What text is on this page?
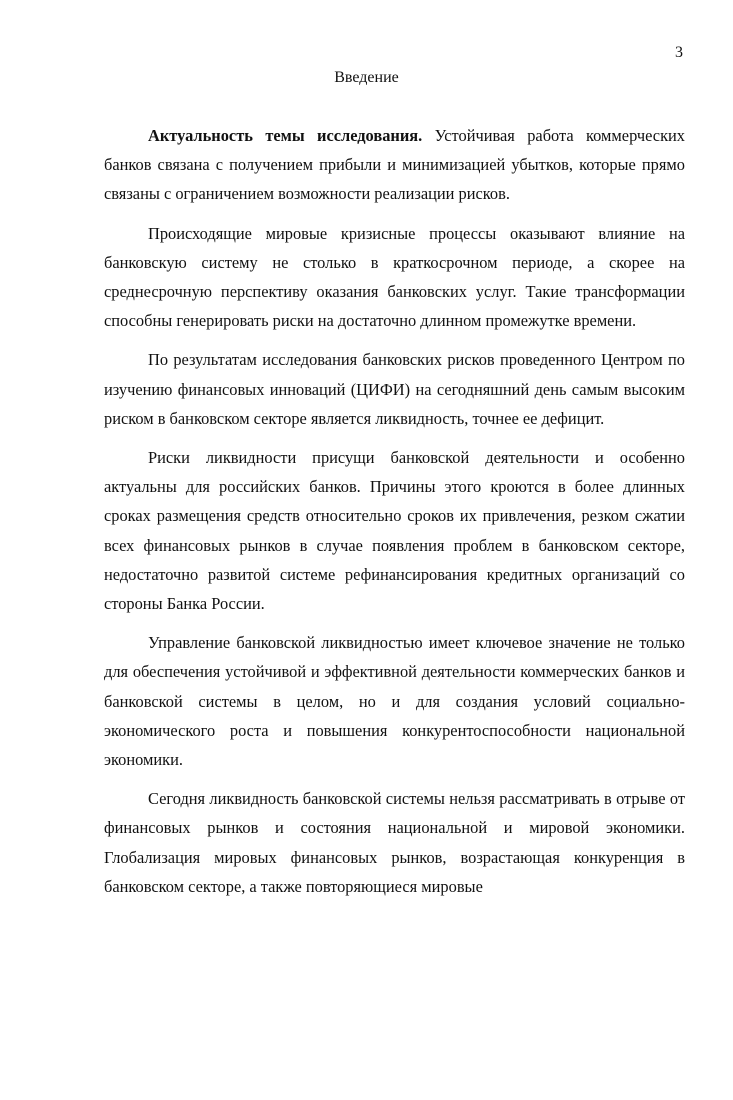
3
Введение

Актуальность темы исследования. Устойчивая работа коммерческих банков связана с получением прибыли и минимизацией убытков, которые прямо связаны с ограничением возможности реализации рисков.

Происходящие мировые кризисные процессы оказывают влияние на банковскую систему не столько в краткосрочном периоде, а скорее на среднесрочную перспективу оказания банковских услуг. Такие трансформации способны генерировать риски на достаточно длинном промежутке времени.

По результатам исследования банковских рисков проведенного Центром по изучению финансовых инноваций (ЦИФИ) на сегодняшний день самым высоким риском в банковском секторе является ликвидность, точнее ее дефицит.

Риски ликвидности присущи банковской деятельности и особенно актуальны для российских банков. Причины этого кроются в более длинных сроках размещения средств относительно сроков их привлечения, резком сжатии всех финансовых рынков в случае появления проблем в банковском секторе, недостаточно развитой системе рефинансирования кредитных организаций со стороны Банка России.

Управление банковской ликвидностью имеет ключевое значение не только для обеспечения устойчивой и эффективной деятельности коммерческих банков и банковской системы в целом, но и для создания условий социально-экономического роста и повышения конкурентоспособности национальной экономики.

Сегодня ликвидность банковской системы нельзя рассматривать в отрыве от финансовых рынков и состояния национальной и мировой экономики. Глобализация мировых финансовых рынков, возрастающая конкуренция в банковском секторе, а также повторяющиеся мировые
